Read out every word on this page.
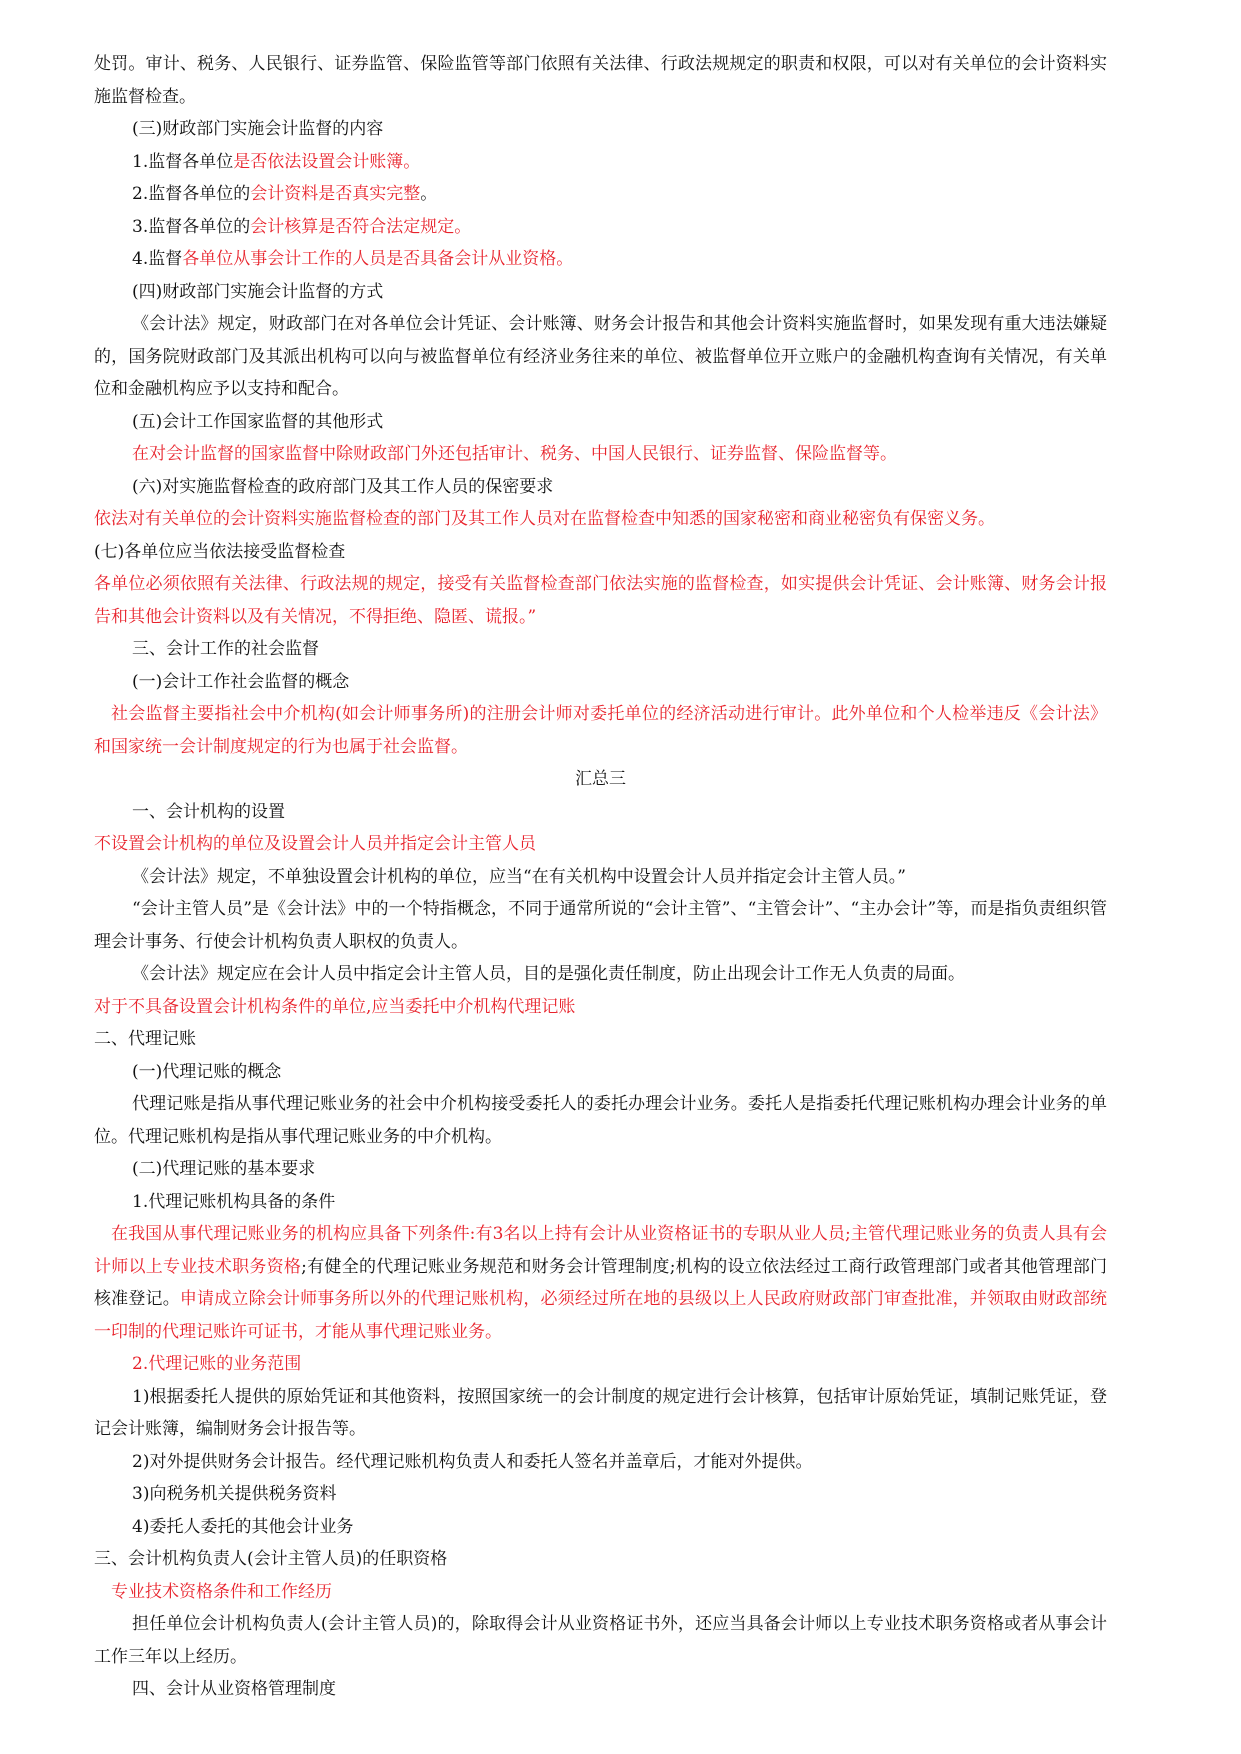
处罚。审计、税务、人民银行、证券监管、保险监管等部门依照有关法律、行政法规规定的职责和权限，可以对有关单位的会计资料实施监督检查。

(三)财政部门实施会计监督的内容

1.监督各单位是否依法设置会计账簿。

2.监督各单位的会计资料是否真实完整。

3.监督各单位的会计核算是否符合法定规定。

4.监督各单位从事会计工作的人员是否具备会计从业资格。

(四)财政部门实施会计监督的方式

《会计法》规定，财政部门在对各单位会计凭证、会计账簿、财务会计报告和其他会计资料实施监督时，如果发现有重大违法嫌疑的，国务院财政部门及其派出机构可以向与被监督单位有经济业务往来的单位、被监督单位开立账户的金融机构查询有关情况，有关单位和金融机构应予以支持和配合。

(五)会计工作国家监督的其他形式

在对会计监督的国家监督中除财政部门外还包括审计、税务、中国人民银行、证券监督、保险监督等。

(六)对实施监督检查的政府部门及其工作人员的保密要求

依法对有关单位的会计资料实施监督检查的部门及其工作人员对在监督检查中知悉的国家秘密和商业秘密负有保密义务。

(七)各单位应当依法接受监督检查

各单位必须依照有关法律、行政法规的规定，接受有关监督检查部门依法实施的监督检查，如实提供会计凭证、会计账簿、财务会计报告和其他会计资料以及有关情况，不得拒绝、隐匿、谎报。”

三、会计工作的社会监督

(一)会计工作社会监督的概念

社会监督主要指社会中介机构(如会计师事务所)的注册会计师对委托单位的经济活动进行审计。此外单位和个人检举违反《会计法》和国家统一会计制度规定的行为也属于社会监督。

汇总三

一、会计机构的设置

不设置会计机构的单位及设置会计人员并指定会计主管人员

《会计法》规定，不单独设置会计机构的单位，应当“在有关机构中设置会计人员并指定会计主管人员。”

“会计主管人员”是《会计法》中的一个特指概念，不同于通常所说的“会计主管”、“主管会计”、“主办会计”等，而是指负责组织管理会计事务、行使会计机构负责人职权的负责人。

《会计法》规定应在会计人员中指定会计主管人员，目的是强化责任制度，防止出现会计工作无人负责的局面。

对于不具备设置会计机构条件的单位,应当委托中介机构代理记账

二、代理记账

(一)代理记账的概念

代理记账是指从事代理记账业务的社会中介机构接受委托人的委托办理会计业务。委托人是指委托代理记账机构办理会计业务的单位。代理记账机构是指从事代理记账业务的中介机构。

(二)代理记账的基本要求

1.代理记账机构具备的条件

在我国从事代理记账业务的机构应具备下列条件:有3名以上持有会计从业资格证书的专职从业人员;主管代理记账业务的负责人具有会计师以上专业技术职务资格;有健全的代理记账业务规范和财务会计管理制度;机构的设立依法经过工商行政管理部门或者其他管理部门核准登记。申请成立除会计师事务所以外的代理记账机构，必须经过所在地的县级以上人民政府财政部门审查批准，并领取由财政部统一印制的代理记账许可证书，才能从事代理记账业务。

2.代理记账的业务范围

1)根据委托人提供的原始凭证和其他资料，按照国家统一的会计制度的规定进行会计核算，包括审计原始凭证，填制记账凭证，登记会计账簿，编制财务会计报告等。

2)对外提供财务会计报告。经代理记账机构负责人和委托人签名并盖章后，才能对外提供。

3)向税务机关提供税务资料

4)委托人委托的其他会计业务

三、会计机构负责人(会计主管人员)的任职资格

专业技术资格条件和工作经历

担任单位会计机构负责人(会计主管人员)的，除取得会计从业资格证书外，还应当具备会计师以上专业技术职务资格或者从事会计工作三年以上经历。

四、会计从业资格管理制度
